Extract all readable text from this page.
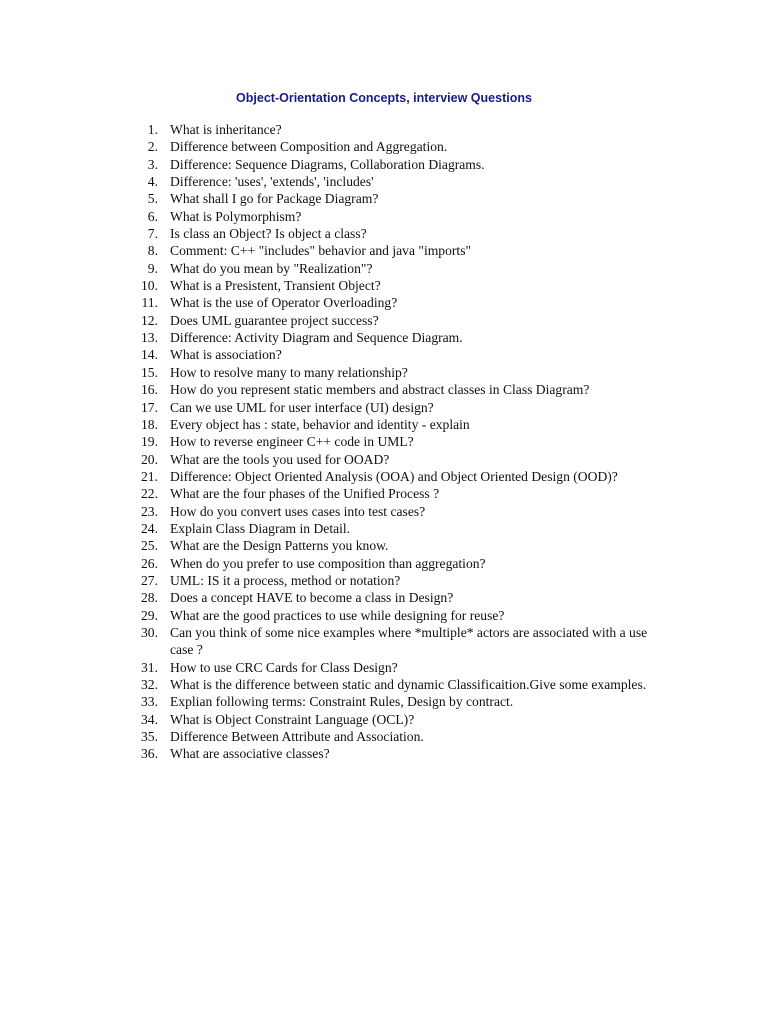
Object-Orientation Concepts, interview Questions
1. What is inheritance?
2. Difference between Composition and Aggregation.
3. Difference: Sequence Diagrams, Collaboration Diagrams.
4. Difference: 'uses', 'extends', 'includes'
5. What shall I go for Package Diagram?
6. What is Polymorphism?
7. Is class an Object? Is object a class?
8. Comment: C++ "includes" behavior and java "imports"
9. What do you mean by "Realization"?
10. What is a Presistent, Transient Object?
11. What is the use of Operator Overloading?
12. Does UML guarantee project success?
13. Difference: Activity Diagram and Sequence Diagram.
14. What is association?
15. How to resolve many to many relationship?
16. How do you represent static members and abstract classes in Class Diagram?
17. Can we use UML for user interface (UI) design?
18. Every object has : state, behavior and identity - explain
19. How to reverse engineer C++ code in UML?
20. What are the tools you used for OOAD?
21. Difference: Object Oriented Analysis (OOA) and Object Oriented Design (OOD)?
22. What are the four phases of the Unified Process ?
23. How do you convert uses cases into test cases?
24. Explain Class Diagram in Detail.
25. What are the Design Patterns you know.
26. When do you prefer to use composition than aggregation?
27. UML: IS it a process, method or notation?
28. Does a concept HAVE to become a class in Design?
29. What are the good practices to use while designing for reuse?
30. Can you think of some nice examples where *multiple* actors are associated with a use case ?
31. How to use CRC Cards for Class Design?
32. What is the difference between static and dynamic Classificaition.Give some examples.
33. Explian following terms: Constraint Rules, Design by contract.
34. What is Object Constraint Language (OCL)?
35. Difference Between Attribute and Association.
36. What are associative classes?
